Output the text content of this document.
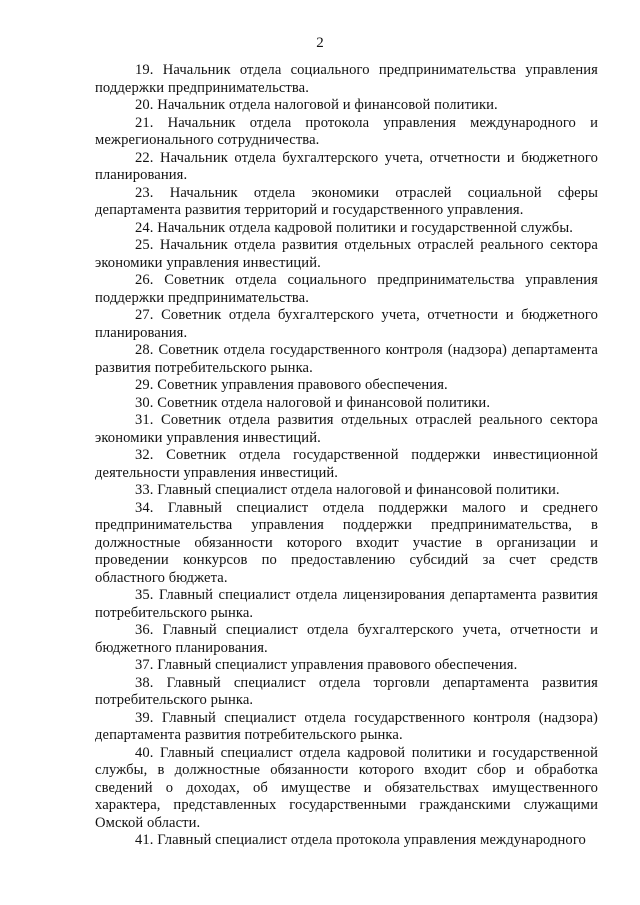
2

19. Начальник отдела социального предпринимательства управления поддержки предпринимательства.

20. Начальник отдела налоговой и финансовой политики.

21. Начальник отдела протокола управления международного и межрегионального сотрудничества.

22. Начальник отдела бухгалтерского учета, отчетности и бюджетного планирования.

23. Начальник отдела экономики отраслей социальной сферы департамента развития территорий и государственного управления.

24. Начальник отдела кадровой политики и государственной службы.

25. Начальник отдела развития отдельных отраслей реального сектора экономики управления инвестиций.

26. Советник отдела социального предпринимательства управления поддержки предпринимательства.

27. Советник отдела бухгалтерского учета, отчетности и бюджетного планирования.

28. Советник отдела государственного контроля (надзора) департамента развития потребительского рынка.

29. Советник управления правового обеспечения.

30. Советник отдела налоговой и финансовой политики.

31. Советник отдела развития отдельных отраслей реального сектора экономики управления инвестиций.

32. Советник отдела государственной поддержки инвестиционной деятельности управления инвестиций.

33. Главный специалист отдела налоговой и финансовой политики.

34. Главный специалист отдела поддержки малого и среднего предпринимательства управления поддержки предпринимательства, в должностные обязанности которого входит участие в организации и проведении конкурсов по предоставлению субсидий за счет средств областного бюджета.

35. Главный специалист отдела лицензирования департамента развития потребительского рынка.

36. Главный специалист отдела бухгалтерского учета, отчетности и бюджетного планирования.

37. Главный специалист управления правового обеспечения.

38. Главный специалист отдела торговли департамента развития потребительского рынка.

39. Главный специалист отдела государственного контроля (надзора) департамента развития потребительского рынка.

40. Главный специалист отдела кадровой политики и государственной службы, в должностные обязанности которого входит сбор и обработка сведений о доходах, об имуществе и обязательствах имущественного характера, представленных государственными гражданскими служащими Омской области.

41. Главный специалист отдела протокола управления международного
